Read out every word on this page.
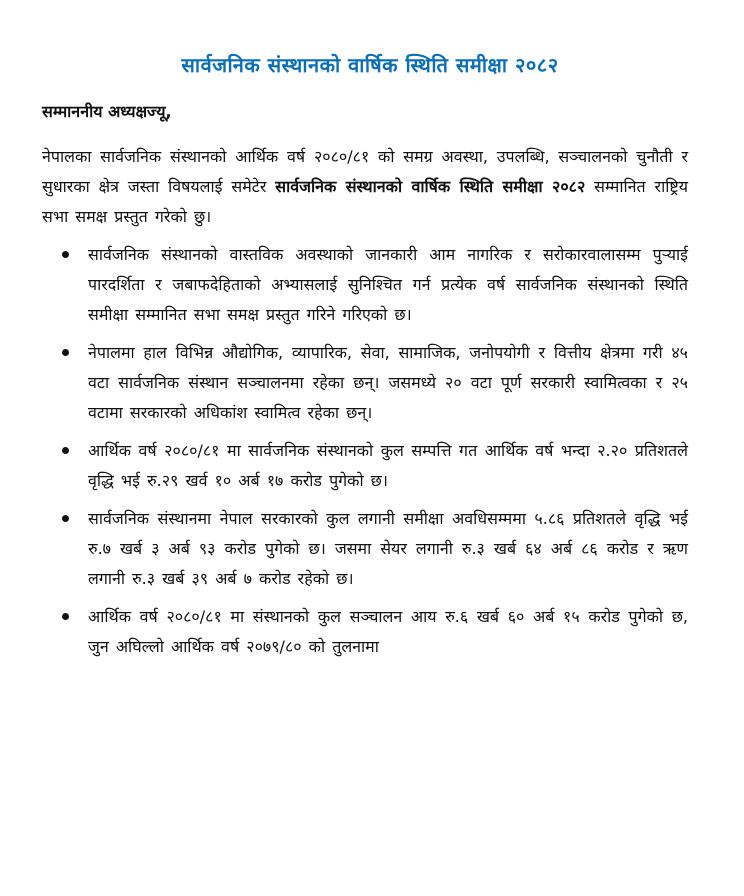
सार्वजनिक संस्थानको वार्षिक स्थिति समीक्षा २०८२
सम्माननीय अध्यक्षज्यू,

नेपालका सार्वजनिक संस्थानको आर्थिक वर्ष २०८०/८१ को समग्र अवस्था, उपलब्धि, सञ्चालनको चुनौती र सुधारका क्षेत्र जस्ता विषयलाई समेटेर सार्वजनिक संस्थानको वार्षिक स्थिति समीक्षा २०८२ सम्मानित राष्ट्रिय सभा समक्ष प्रस्तुत गरेको छु।

सार्वजनिक संस्थानको वास्तविक अवस्थाको जानकारी आम नागरिक र सरोकारवालासम्म पुर्‍याई पारदर्शिता र जबाफदेहिताको अभ्यासलाई सुनिश्चित गर्न प्रत्येक वर्ष सार्वजनिक संस्थानको स्थिति समीक्षा सम्मानित सभा समक्ष प्रस्तुत गरिने गरिएको छ।
नेपालमा हाल विभिन्न औद्योगिक, व्यापारिक, सेवा, सामाजिक, जनोपयोगी र वित्तीय क्षेत्रमा गरी ४५ वटा सार्वजनिक संस्थान सञ्चालनमा रहेका छन्। जसमध्ये २० वटा पूर्ण सरकारी स्वामित्वका र २५ वटामा सरकारको अधिकांश स्वामित्व रहेका छन्।
आर्थिक वर्ष २०८०/८१ मा सार्वजनिक संस्थानको कुल सम्पत्ति गत आर्थिक वर्ष भन्दा २.२० प्रतिशतले वृद्धि भई रु.२९ खर्व १० अर्ब १७ करोड पुगेको छ।
सार्वजनिक संस्थानमा नेपाल सरकारको कुल लगानी समीक्षा अवधिसम्ममा ५.८६ प्रतिशतले वृद्धि भई रु.७ खर्ब ३ अर्ब ९३ करोड पुगेको छ। जसमा सेयर लगानी रु.३ खर्ब ६४ अर्ब ८६ करोड र ऋण लगानी रु.३ खर्ब ३९ अर्ब ७ करोड रहेको छ।
आर्थिक वर्ष २०८०/८१ मा संस्थानको कुल सञ्चालन आय रु.६ खर्ब ६० अर्ब १५ करोड पुगेको छ, जुन अघिल्लो आर्थिक वर्ष २०७९/८० को तुलनामा
